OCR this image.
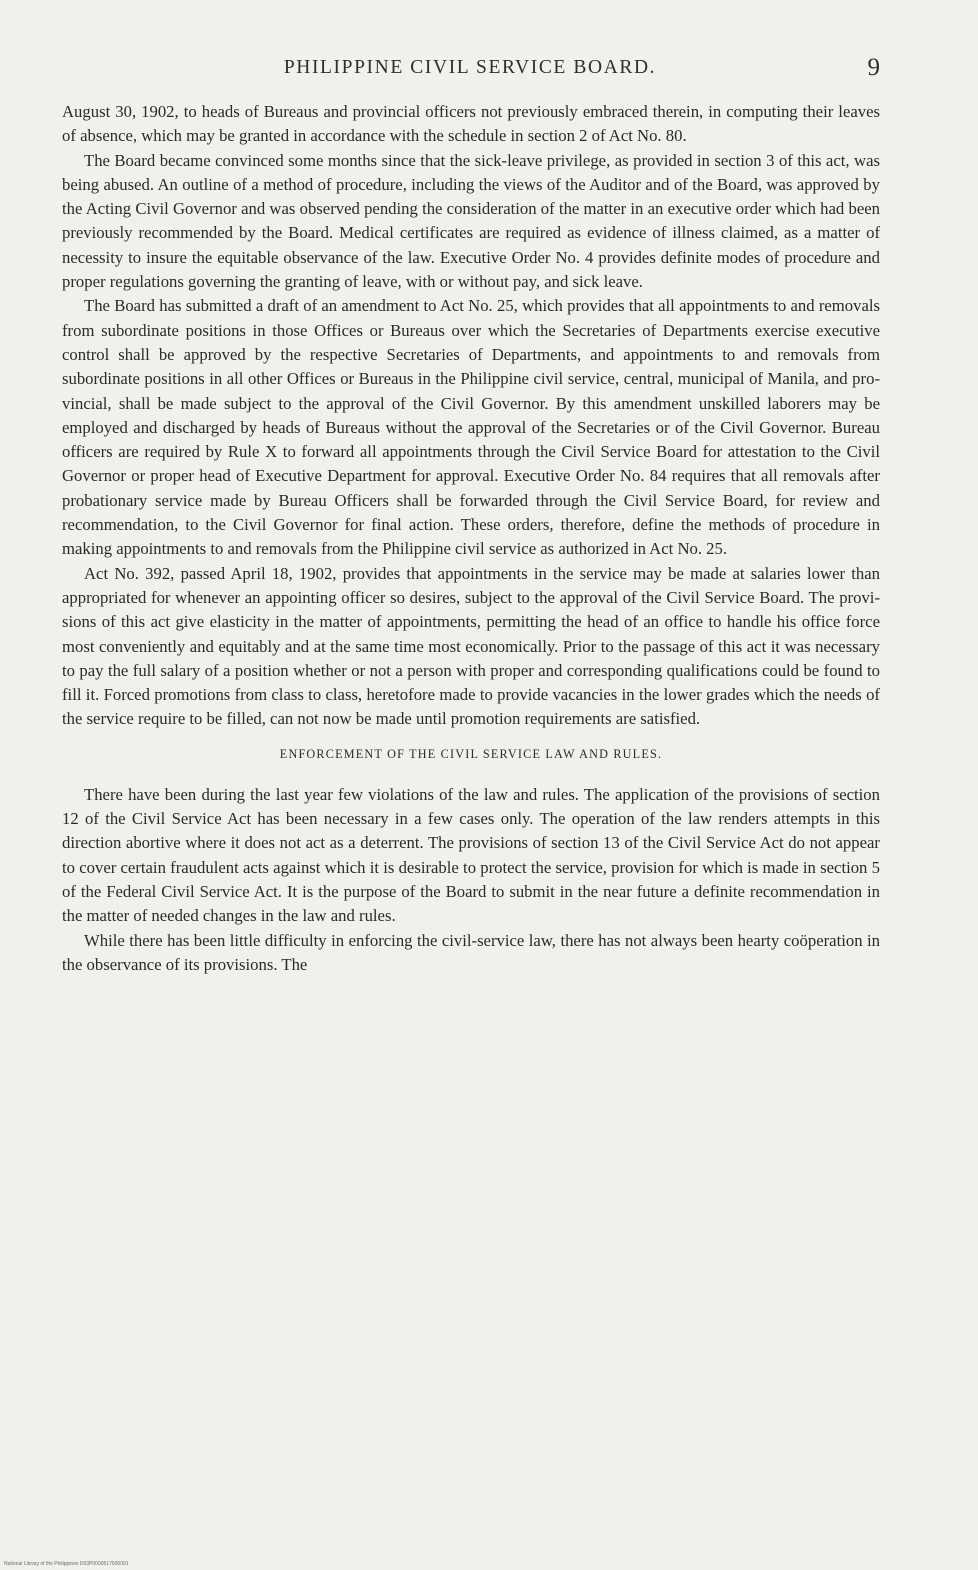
PHILIPPINE CIVIL SERVICE BOARD.	9

August 30, 1902, to heads of Bureaus and provincial officers not previously embraced therein, in computing their leaves of absence, which may be granted in accordance with the schedule in section 2 of Act No. 80.

The Board became convinced some months since that the sick-leave privilege, as provided in section 3 of this act, was being abused. An outline of a method of procedure, including the views of the Auditor and of the Board, was approved by the Acting Civil Governor and was observed pending the consideration of the matter in an executive order which had been previously recommended by the Board. Medical certificates are required as evidence of illness claimed, as a matter of necessity to insure the equitable observance of the law. Executive Order No. 4 provides definite modes of procedure and proper regulations governing the granting of leave, with or without pay, and sick leave.

The Board has submitted a draft of an amendment to Act No. 25, which provides that all appointments to and removals from subordinate positions in those Offices or Bureaus over which the Secretaries of Departments exercise executive control shall be approved by the respective Secretaries of Departments, and appointments to and removals from subordinate positions in all other Offices or Bureaus in the Philippine civil service, central, municipal of Manila, and provincial, shall be made subject to the approval of the Civil Governor. By this amendment unskilled laborers may be employed and discharged by heads of Bureaus without the approval of the Secretaries or of the Civil Governor. Bureau officers are required by Rule X to forward all appointments through the Civil Service Board for attestation to the Civil Governor or proper head of Executive Department for approval. Executive Order No. 84 requires that all removals after probationary service made by Bureau Officers shall be forwarded through the Civil Service Board, for review and recommendation, to the Civil Governor for final action. These orders, therefore, define the methods of procedure in making appointments to and removals from the Philippine civil service as authorized in Act No. 25.

Act No. 392, passed April 18, 1902, provides that appointments in the service may be made at salaries lower than appropriated for whenever an appointing officer so desires, subject to the approval of the Civil Service Board. The provisions of this act give elasticity in the matter of appointments, permitting the head of an office to handle his office force most conveniently and equitably and at the same time most economically. Prior to the passage of this act it was necessary to pay the full salary of a position whether or not a person with proper and corresponding qualifications could be found to fill it. Forced promotions from class to class, heretofore made to provide vacancies in the lower grades which the needs of the service require to be filled, can not now be made until promotion requirements are satisfied.

ENFORCEMENT OF THE CIVIL SERVICE LAW AND RULES.

There have been during the last year few violations of the law and rules. The application of the provisions of section 12 of the Civil Service Act has been necessary in a few cases only. The operation of the law renders attempts in this direction abortive where it does not act as a deterrent. The provisions of section 13 of the Civil Service Act do not appear to cover certain fraudulent acts against which it is desirable to protect the service, provision for which is made in section 5 of the Federal Civil Service Act. It is the purpose of the Board to submit in the near future a definite recommendation in the matter of needed changes in the law and rules.

While there has been little difficulty in enforcing the civil-service law, there has not always been hearty coöperation in the observance of its provisions. The

National Library of the Philippines D03P0000517500091
